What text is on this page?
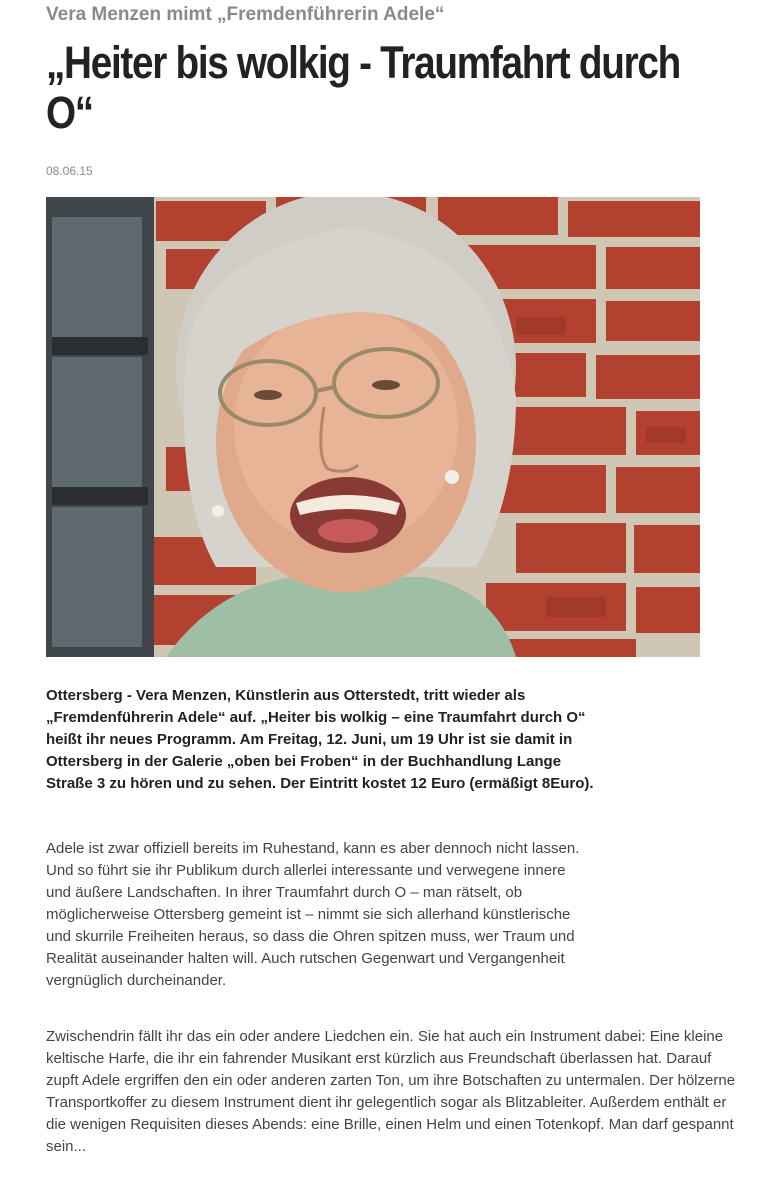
Vera Menzen mimt „Fremdenführerin Adele“
„Heiter bis wolkig - Traumfahrt durch O“
08.06.15

Ottersberg - Vera Menzen, Künstlerin aus Otterstedt, tritt wieder als „Fremdenführerin Adele“ auf. „Heiter bis wolkig – eine Traumfahrt durch O“ heißt ihr neues Programm. Am Freitag, 12. Juni, um 19 Uhr ist sie damit in Ottersberg in der Galerie „oben bei Froben“ in der Buchhandlung Lange Straße 3 zu hören und zu sehen. Der Eintritt kostet 12 Euro (ermäßigt 8Euro).

Adele ist zwar offiziell bereits im Ruhestand, kann es aber dennoch nicht lassen. Und so führt sie ihr Publikum durch allerlei interessante und verwegene innere und äußere Landschaften. In ihrer Traumfahrt durch O – man rätselt, ob möglicherweise Ottersberg gemeint ist – nimmt sie sich allerhand künstlerische und skurrile Freiheiten heraus, so dass die Ohren spitzen muss, wer Traum und Realität auseinander halten will. Auch rutschen Gegenwart und Vergangenheit vergnüglich durcheinander.

Zwischendrin fällt ihr das ein oder andere Liedchen ein. Sie hat auch ein Instrument dabei: Eine kleine keltische Harfe, die ihr ein fahrender Musikant erst kürzlich aus Freundschaft überlassen hat. Darauf zupft Adele ergriffen den ein oder anderen zarten Ton, um ihre Botschaften zu untermalen. Der hölzerne Transportkoffer zu diesem Instrument dient ihr gelegentlich sogar als Blitzableiter. Außerdem enthält er die wenigen Requisiten dieses Abends: eine Brille, einen Helm und einen Totenkopf. Man darf gespannt sein...
